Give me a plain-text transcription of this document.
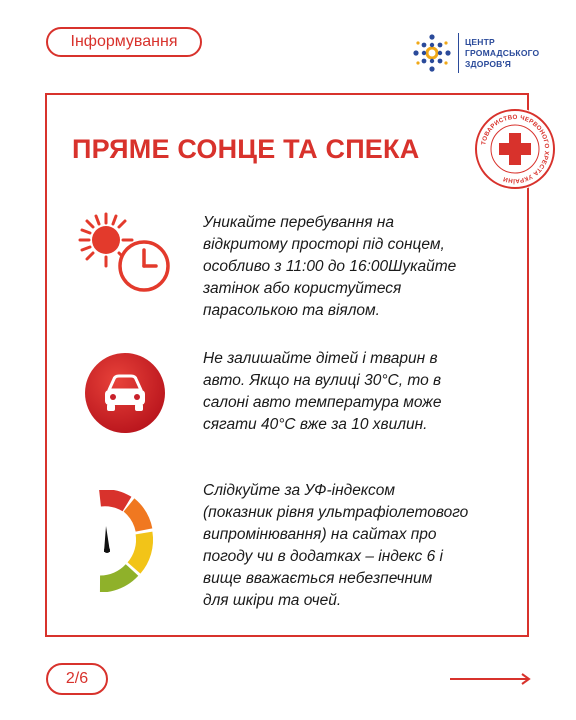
Інформування	ЦЕНТР
ГРОМАДСЬКОГО
ЗДОРОВ'Я
ТОВАРИСТВО ЧЕРВОНОГО ХРЕСТА УКРАЇНИ
ПРЯМЕ СОНЦЕ ТА СПЕКА
Уникайте перебування на
відкритому просторі під сонцем,
особливо з 11:00 до 16:00Шукайте
затінок або користуйтеся
парасолькою та віялом.
Не залишайте дітей і тварин в
авто. Якщо на вулиці 30°С, то в
салоні авто температура може
сягати 40°С вже за 10 хвилин.
Слідкуйте за УФ-індексом
(показник рівня ультрафіолетового
випромінювання) на сайтах про
погоду чи в додатках – індекс 6 і
вище вважається небезпечним
для шкіри та очей.
2/6
